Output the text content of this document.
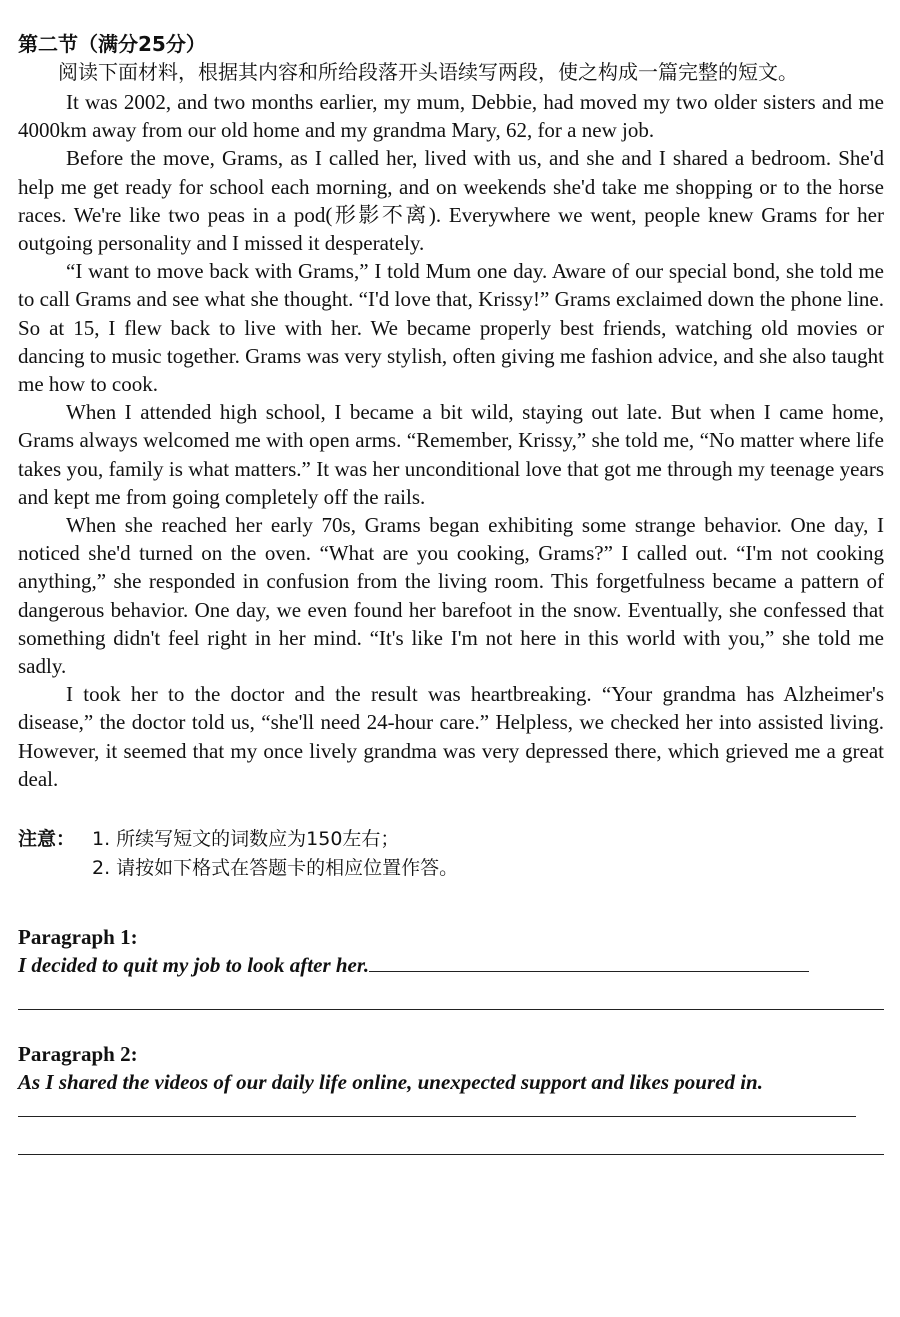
第二节（满分25分）

阅读下面材料，根据其内容和所给段落开头语续写两段，使之构成一篇完整的短文。

It was 2002, and two months earlier, my mum, Debbie, had moved my two older sisters and me 4000km away from our old home and my grandma Mary, 62, for a new job.

Before the move, Grams, as I called her, lived with us, and she and I shared a bedroom. She'd help me get ready for school each morning, and on weekends she'd take me shopping or to the horse races. We're like two peas in a pod(形影不离). Everywhere we went, people knew Grams for her outgoing personality and I missed it desperately.

“I want to move back with Grams,” I told Mum one day. Aware of our special bond, she told me to call Grams and see what she thought. “I'd love that, Krissy!” Grams exclaimed down the phone line. So at 15, I flew back to live with her. We became properly best friends, watching old movies or dancing to music together. Grams was very stylish, often giving me fashion advice, and she also taught me how to cook.

When I attended high school, I became a bit wild, staying out late. But when I came home, Grams always welcomed me with open arms. “Remember, Krissy,” she told me, “No matter where life takes you, family is what matters.” It was her unconditional love that got me through my teenage years and kept me from going completely off the rails.

When she reached her early 70s, Grams began exhibiting some strange behavior. One day, I noticed she'd turned on the oven. “What are you cooking, Grams?” I called out. “I'm not cooking anything,” she responded in confusion from the living room. This forgetfulness became a pattern of dangerous behavior. One day, we even found her barefoot in the snow. Eventually, she confessed that something didn't feel right in her mind. “It's like I'm not here in this world with you,” she told me sadly.

I took her to the doctor and the result was heartbreaking. “Your grandma has Alzheimer's disease,” the doctor told us, “she'll need 24-hour care.” Helpless, we checked her into assisted living. However, it seemed that my once lively grandma was very depressed there, which grieved me a great deal.

注意： 1. 所续写短文的词数应为150左右；
2. 请按如下格式在答题卡的相应位置作答。
Paragraph 1:
I decided to quit my job to look after her.
Paragraph 2:
As I shared the videos of our daily life online, unexpected support and likes poured in.
